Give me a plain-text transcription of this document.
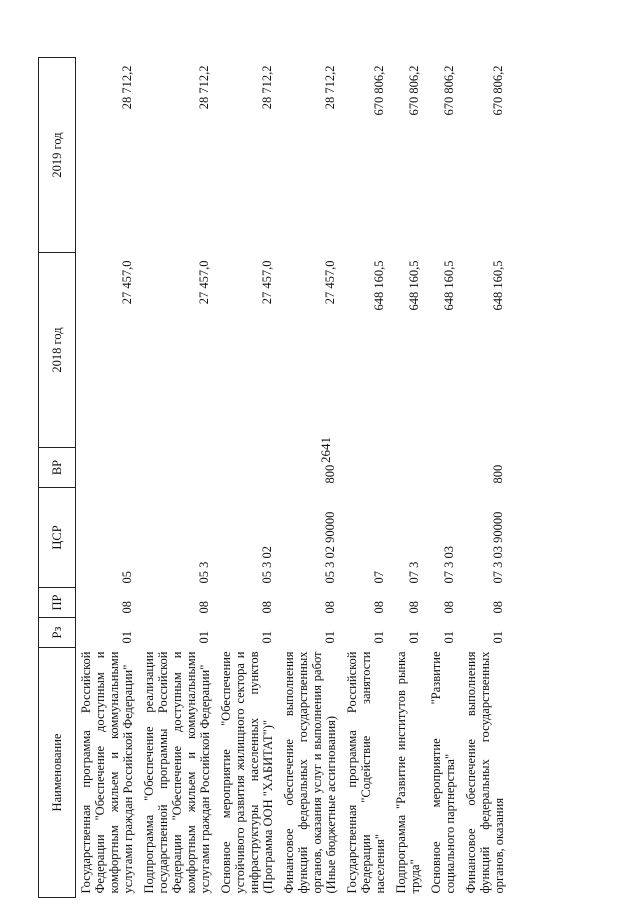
2641
Наименование	Рз	ПР	ЦСР	ВР	2018 год	2019 год
Государственная программа Российской Федерации "Обеспечение доступным и комфортным жильем и коммунальными услугами граждан Российской Федерации"	01	08	05		27 457,0	28 712,2
Подпрограмма "Обеспечение реализации государственной программы Российской Федерации "Обеспечение доступным и комфортным жильем и коммунальными услугами граждан Российской Федерации"	01	08	05 3		27 457,0	28 712,2
Основное мероприятие "Обеспечение устойчивого развития жилищного сектора и инфраструктуры населенных пунктов (Программа ООН "ХАБИТАТ")"	01	08	05 3 02		27 457,0	28 712,2
Финансовое обеспечение выполнения функций федеральных государственных органов, оказания услуг и выполнения работ (Иные бюджетные ассигнования)	01	08	05 3 02 90000	800	27 457,0	28 712,2
Государственная программа Российской Федерации "Содействие занятости населения"	01	08	07		648 160,5	670 806,2
Подпрограмма "Развитие институтов рынка труда"	01	08	07 3		648 160,5	670 806,2
Основное мероприятие "Развитие социального партнерства"	01	08	07 3 03		648 160,5	670 806,2
Финансовое обеспечение выполнения функций федеральных государственных органов, оказания	01	08	07 3 03 90000	800	648 160,5	670 806,2
